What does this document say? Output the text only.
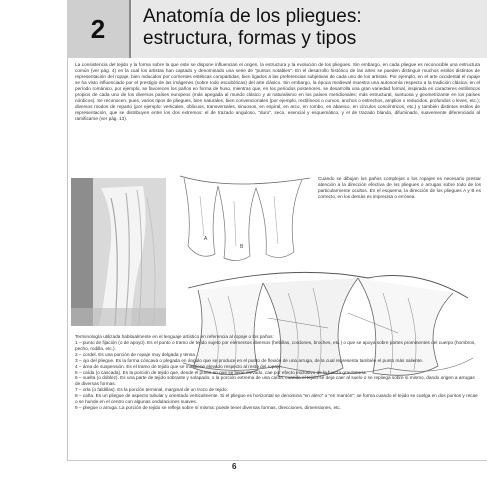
2	Anatomía de los pliegues:
estructura, formas y tipos

La consistencia del tejido y la forma sobre la que este se dispone influencian el origen, la estructura y la evolución de los pliegues. Sin embargo, en cada pliegue es reconocible una estructura común (ver pág. 4) en la cual los artistas han captado y denominado una serie de "puntos notables". En el desarrollo histórico de las artes se pueden distinguir muchos estilos distintos de representación del ropaje, bien inducidos por corrientes estéticas compartidas, bien ligados a las preferencias subjetivas de cada uno de los artistas. Por ejemplo, en el arte occidental el ropaje se ha visto influenciado por el prestigio de las imágenes (sobre todo escultóricas) del arte clásico. Sin embargo, la época medieval muestra una autonomía respecto a la tradición clásica, en el período románico, por ejemplo, se favorecen los paños en forma de huso, mientras que, en los períodos posteriores, se desarrolla una gran variedad formal, inspirada en caracteres estilísticos propios de cada uno de los diversos países europeos (más apegada al mundo clásico y al naturalismo en los países meridionales; más estructural, suntuosa y geometrizante en los países nórdicos). Se reconocen, pues, varios tipos de pliegues, bien naturales, bien convencionales (por ejemplo, rectilíneos o curvos, anchos o estrechos, amplios o reducidos, profundos o leves, etc.); diversos modos de reparto (por ejemplo: verticales, oblicuos, transversales, sinuosos, en espiral, en arco, en rombo, en abanico, en círculos concéntricos, etc.) y también distintos estilos de representación, que se distribuyen entre los dos extremos: el de trazado anguloso, "duro", seco, esencial y esquemático, y el de trazado blando, difuminado, suavemente diferenciado al ramificarse (ver pág. 13).

A
B

Cuando se dibujan los paños complejos o los ropajes es necesario prestar atención a la dirección efectiva de los pliegues o arrugas sobre todo de los particularmente ocultos. En el esquema, la dirección de los pliegues A y B es correcto, en los demás es imprecisa o errónea.

Terminología utilizada habitualmente en el lenguaje artístico en referencia al ropaje o los paños:

1 – punto de fijación (o de apoyo). Es el punto o tramo de tejido sujeto por elementos diversos (hebillas, cordones, broches, etc.) o que se apoya sobre partes prominentes del cuerpo (hombros, pecho, rodilla, etc.).
2 – cordel. Es una porción de ropaje muy delgada y tensa.
3 – ojo del pliegue. Es la forma cóncava o plegada en ángulo que se produce en el punto de flexión de una arruga, de la cual representa también el punto más saliente.
4 – área de suspensión. Es el tramo de tejido que se mantiene elevado respecto al resto del ropaje.
5 – caída (o cascada). Es la porción de tejido que, desde el punto en que se tiene elevado, cae por efecto exclusivo de la fuerza gravitatoria.
6 – vuelta (o doblez). Es una parte de tejido sobrante y solapado, o la porción extrema de una caída, cuando el tejido se deja caer al suelo o se repliega sobre sí mismo, dando origen a arrugas de diversas formas.
7 – orla (o faldillas). Es la porción terminal, marginal de un trozo de tejido.
8 – caña. Es un pliegue de aspecto tubular y orientado verticalmente. Si el pliegue es horizontal se denomina "en alero" o "en mantón": se forma cuando el tejido se cuelga en dos puntos y recae o se hunde en el centro con algunas ondulaciones suaves.
9 – pliegue o arruga. La porción de tejido se refleja sobre sí misma: puede tener diversas formas, direcciones, dimensiones, etc.
6
